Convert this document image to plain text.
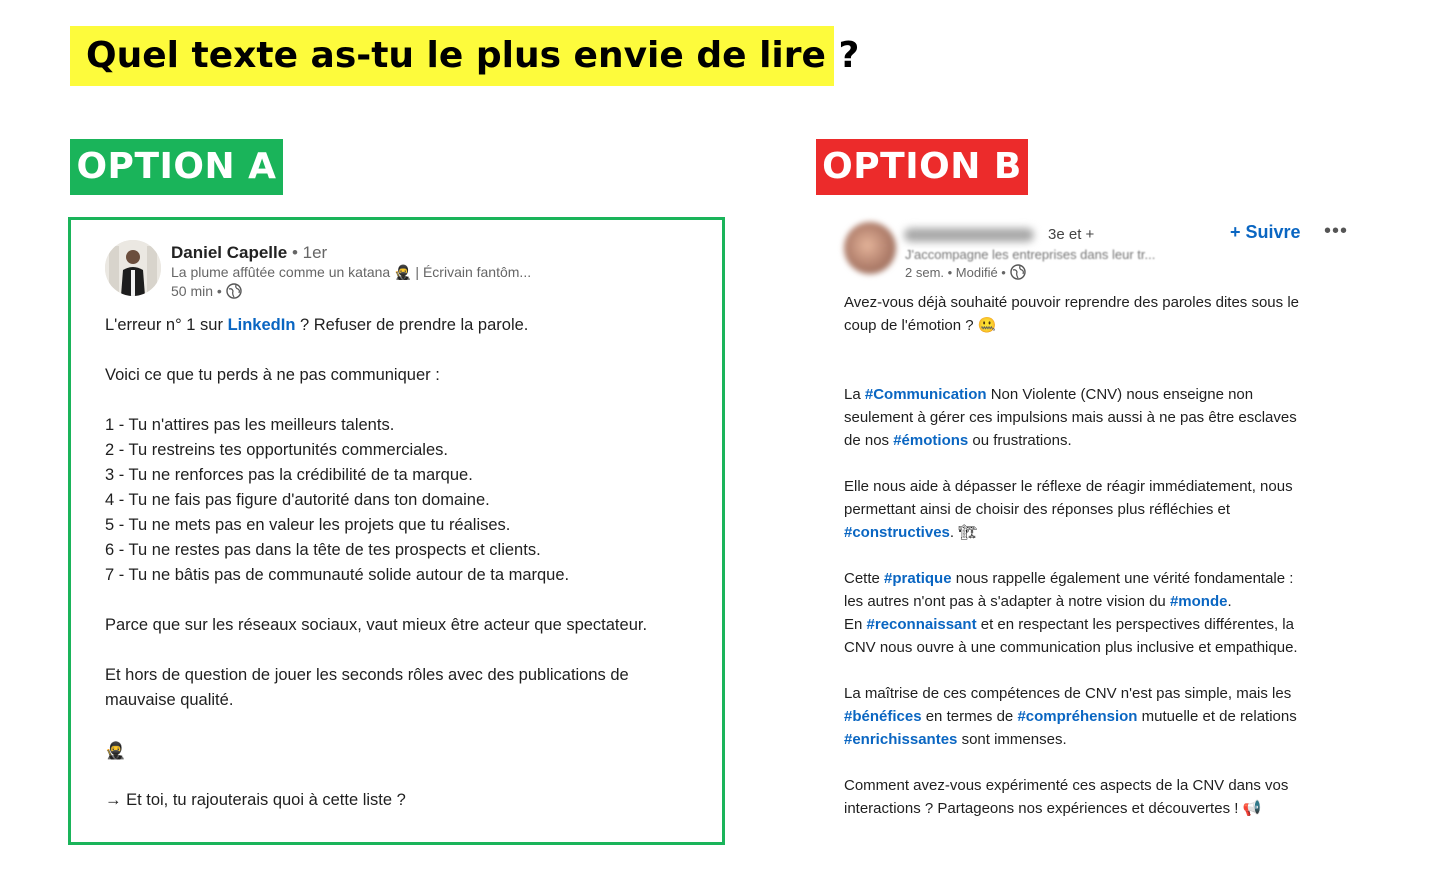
Quel texte as-tu le plus envie de lire ?
OPTION A	OPTION B
Daniel Capelle • 1er
La plume affûtée comme un katana 🥷 | Écrivain fantôm...
50 min •

L'erreur n° 1 sur LinkedIn ? Refuser de prendre la parole.

Voici ce que tu perds à ne pas communiquer :

1 - Tu n'attires pas les meilleurs talents.

2 - Tu restreins tes opportunités commerciales.

3 - Tu ne renforces pas la crédibilité de ta marque.

4 - Tu ne fais pas figure d'autorité dans ton domaine.

5 - Tu ne mets pas en valeur les projets que tu réalises.

6 - Tu ne restes pas dans la tête de tes prospects et clients.

7 - Tu ne bâtis pas de communauté solide autour de ta marque.

Parce que sur les réseaux sociaux, vaut mieux être acteur que spectateur.

Et hors de question de jouer les seconds rôles avec des publications de

mauvaise qualité.

🥷

→ Et toi, tu rajouterais quoi à cette liste ?

3e et +
J'accompagne les entreprises dans leur tr...
2 sem. • Modifié •
+ Suivre •••

Avez-vous déjà souhaité pouvoir reprendre des paroles dites sous le

coup de l'émotion ? 🤐

La #Communication Non Violente (CNV) nous enseigne non

seulement à gérer ces impulsions mais aussi à ne pas être esclaves

de nos #émotions ou frustrations.

Elle nous aide à dépasser le réflexe de réagir immédiatement, nous

permettant ainsi de choisir des réponses plus réfléchies et

#constructives. 🏗

Cette #pratique nous rappelle également une vérité fondamentale :

les autres n'ont pas à s'adapter à notre vision du #monde.

En #reconnaissant et en respectant les perspectives différentes, la

CNV nous ouvre à une communication plus inclusive et empathique.

La maîtrise de ces compétences de CNV n'est pas simple, mais les

#bénéfices en termes de #compréhension mutuelle et de relations

#enrichissantes sont immenses.

Comment avez-vous expérimenté ces aspects de la CNV dans vos

interactions ? Partageons nos expériences et découvertes ! 📢
